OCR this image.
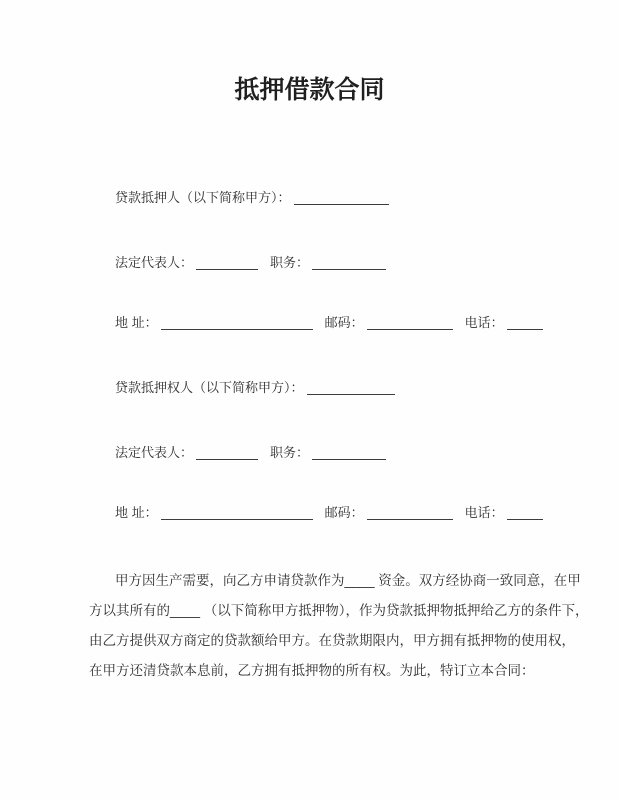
抵押借款合同
贷款抵押人（以下简称甲方）：
法定代表人：	职务：
地 址：	邮码：	电话：
贷款抵押权人（以下简称甲方）：
法定代表人：	职务：
地 址：	邮码：	电话：
甲方因生产需要，向乙方申请贷款作为____ 资金。双方经协商一致同意，在甲
方以其所有的____ （以下简称甲方抵押物），作为贷款抵押物抵押给乙方的条件下，
由乙方提供双方商定的贷款额给甲方。在贷款期限内，甲方拥有抵押物的使用权，
在甲方还清贷款本息前，乙方拥有抵押物的所有权。为此，特订立本合同：
